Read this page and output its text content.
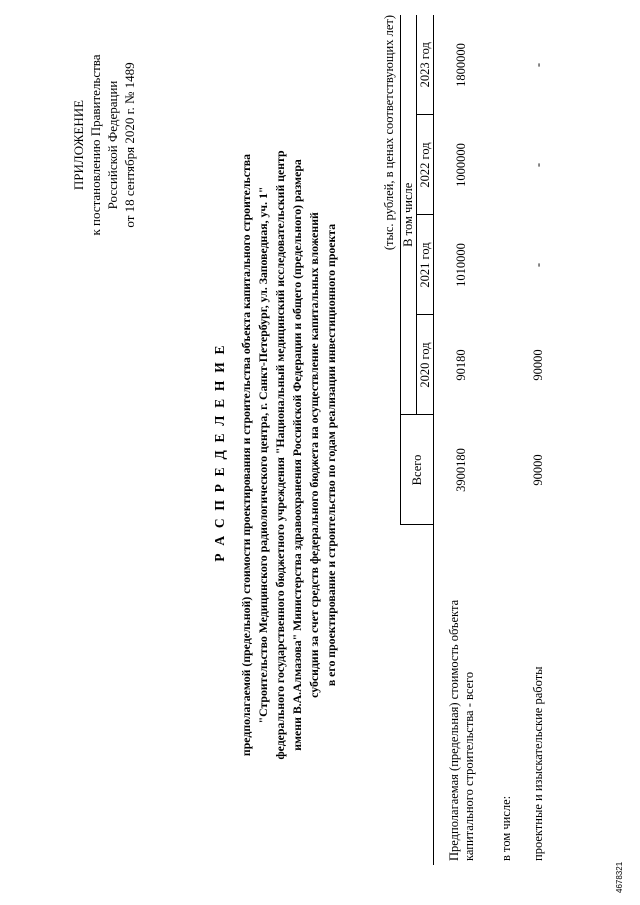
ПРИЛОЖЕНИЕ к постановлению Правительства Российской Федерации от 18 сентября 2020 г. № 1489
Р А С П Р Е Д Е Л Е Н И Е предполагаемой (предельной) стоимости проектирования и строительства объекта капитального строительства "Строительство Медицинского радиологического центра, г. Санкт-Петербург, ул. Заповедная, уч. 1" федерального государственного бюджетного учреждения "Национальный медицинский исследовательский центр имени В.А.Алмазова" Министерства здравоохранения Российской Федерации и общего (предельного) размера субсидии за счет средств федерального бюджета на осуществление капитальных вложений в его проектирование и строительство по годам реализации инвестиционного проекта
(тыс. рублей, в ценах соответствующих лет)
	Всего	В том числе			
		2020 год	2021 год	2022 год	2023 год

Предполагаемая (предельная) стоимость объекта капитального строительства - всего	3900180	90180	1010000	1000000	1800000
в том числе:					
проектные и изыскательские работы	90000	90000	-	-	-
4678321
